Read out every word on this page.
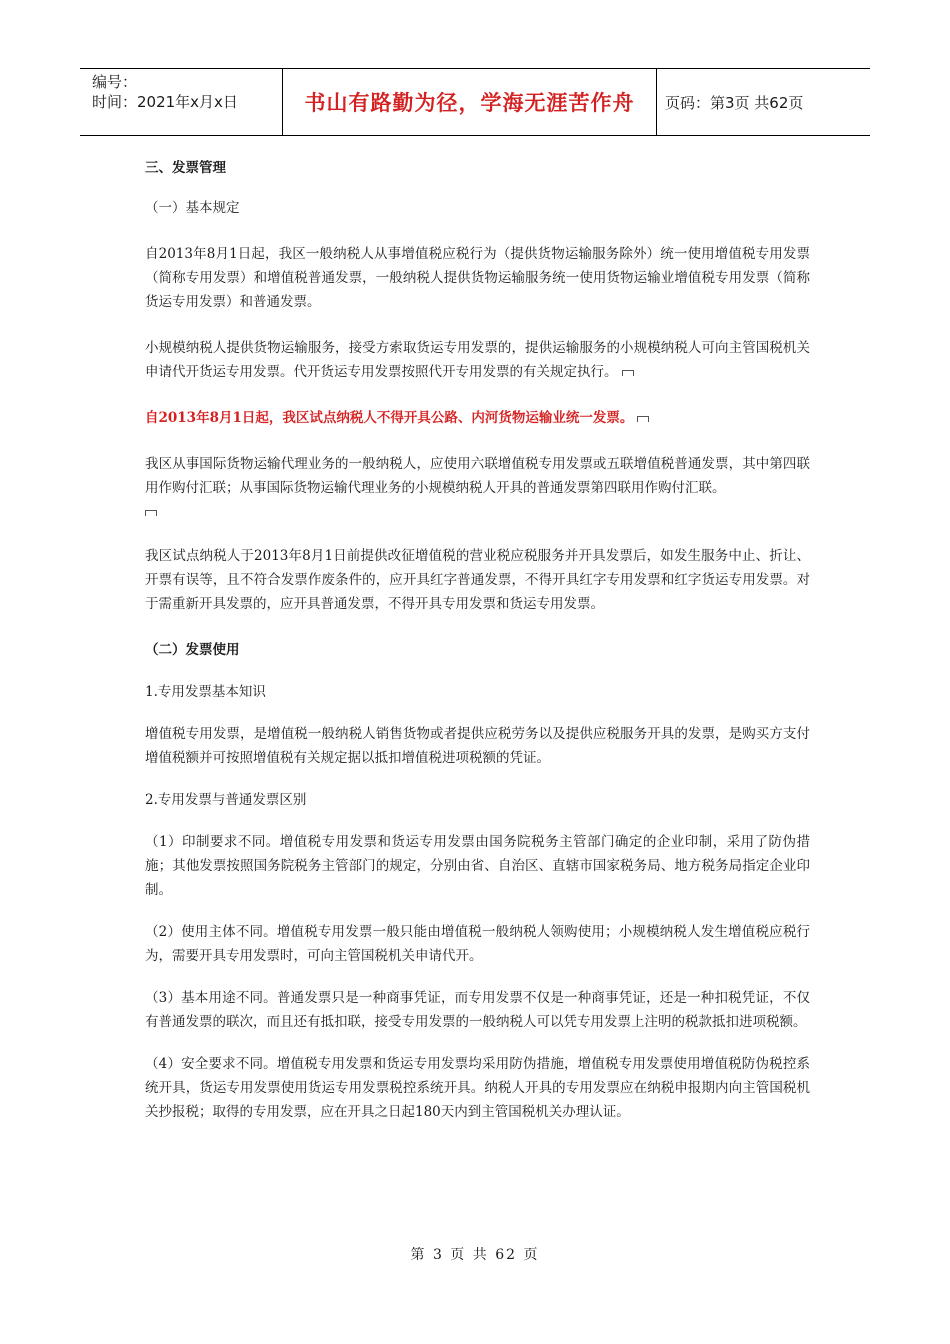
编号：
时间：2021年x月x日	书山有路勤为径，学海无涯苦作舟 页码：第3页 共62页

三、发票管理

（一）基本规定

自2013年8月1日起，我区一般纳税人从事增值税应税行为（提供货物运输服务除外）统一使用增值税专用发票（简称专用发票）和增值税普通发票，一般纳税人提供货物运输服务统一使用货物运输业增值税专用发票（简称货运专用发票）和普通发票。

小规模纳税人提供货物运输服务，接受方索取货运专用发票的，提供运输服务的小规模纳税人可向主管国税机关申请代开货运专用发票。代开货运专用发票按照代开专用发票的有关规定执行。

自2013年8月1日起，我区试点纳税人不得开具公路、内河货物运输业统一发票。

我区从事国际货物运输代理业务的一般纳税人，应使用六联增值税专用发票或五联增值税普通发票，其中第四联用作购付汇联；从事国际货物运输代理业务的小规模纳税人开具的普通发票第四联用作购付汇联。

我区试点纳税人于2013年8月1日前提供改征增值税的营业税应税服务并开具发票后，如发生服务中止、折让、开票有误等，且不符合发票作废条件的，应开具红字普通发票，不得开具红字专用发票和红字货运专用发票。对于需重新开具发票的，应开具普通发票，不得开具专用发票和货运专用发票。

（二）发票使用

1.专用发票基本知识

增值税专用发票，是增值税一般纳税人销售货物或者提供应税劳务以及提供应税服务开具的发票，是购买方支付增值税额并可按照增值税有关规定据以抵扣增值税进项税额的凭证。

2.专用发票与普通发票区别

（1）印制要求不同。增值税专用发票和货运专用发票由国务院税务主管部门确定的企业印制，采用了防伪措施；其他发票按照国务院税务主管部门的规定，分别由省、自治区、直辖市国家税务局、地方税务局指定企业印制。

（2）使用主体不同。增值税专用发票一般只能由增值税一般纳税人领购使用；小规模纳税人发生增值税应税行为，需要开具专用发票时，可向主管国税机关申请代开。

（3）基本用途不同。普通发票只是一种商事凭证，而专用发票不仅是一种商事凭证，还是一种扣税凭证，不仅有普通发票的联次，而且还有抵扣联，接受专用发票的一般纳税人可以凭专用发票上注明的税款抵扣进项税额。

（4）安全要求不同。增值税专用发票和货运专用发票均采用防伪措施，增值税专用发票使用增值税防伪税控系统开具，货运专用发票使用货运专用发票税控系统开具。纳税人开具的专用发票应在纳税申报期内向主管国税机关抄报税；取得的专用发票，应在开具之日起180天内到主管国税机关办理认证。

第 3 页 共 62 页
